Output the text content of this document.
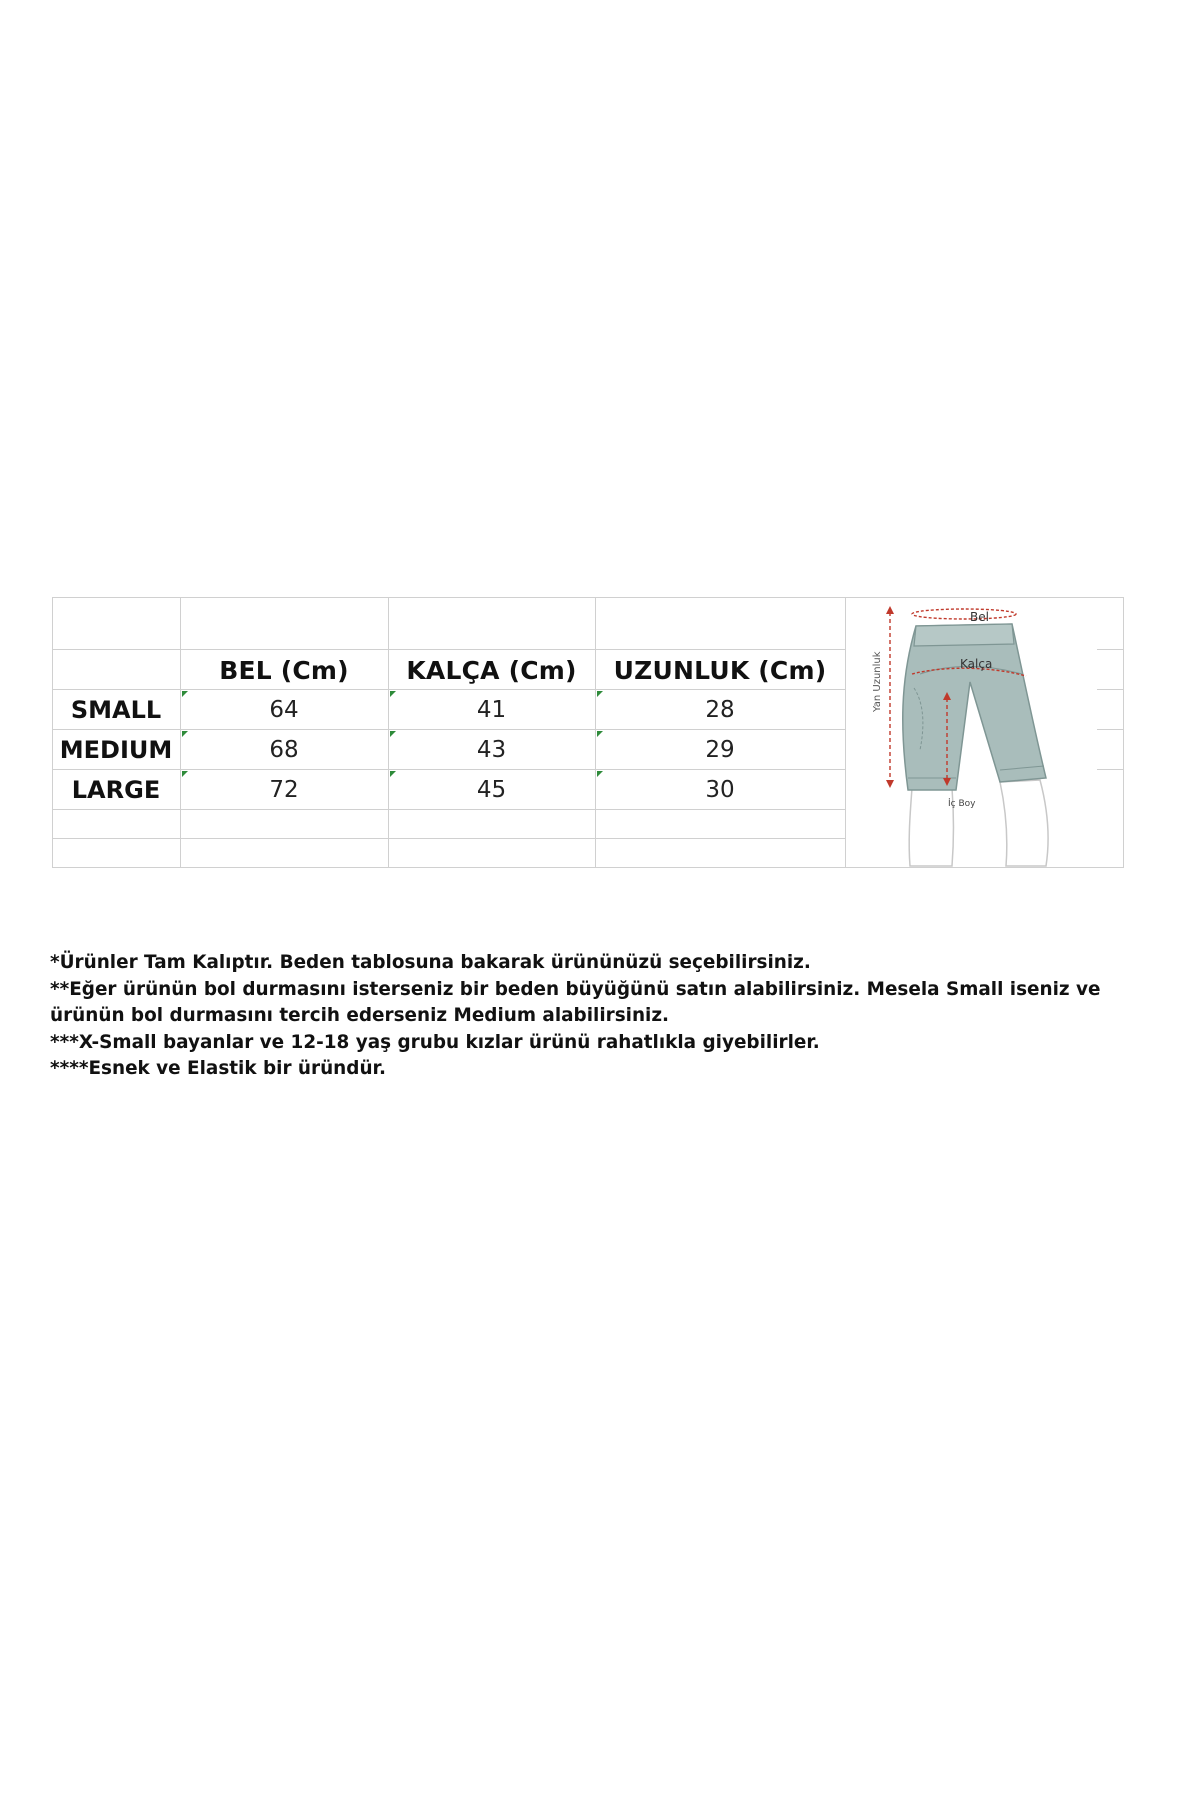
BEL (Cm)	KALÇA (Cm)	UZUNLUK (Cm)
SMALL	64	41	28
MEDIUM	68	43	29
LARGE	72	45	30
Bel
Kalça
Yan Uzunluk
İç Boy
*Ürünler Tam Kalıptır. Beden tablosuna bakarak ürününüzü seçebilirsiniz.
**Eğer ürünün bol durmasını isterseniz bir beden büyüğünü satın alabilirsiniz. Mesela Small iseniz ve ürünün bol durmasını tercih ederseniz Medium alabilirsiniz.
***X-Small bayanlar ve 12-18 yaş grubu kızlar ürünü rahatlıkla giyebilirler.
****Esnek ve Elastik bir üründür.
